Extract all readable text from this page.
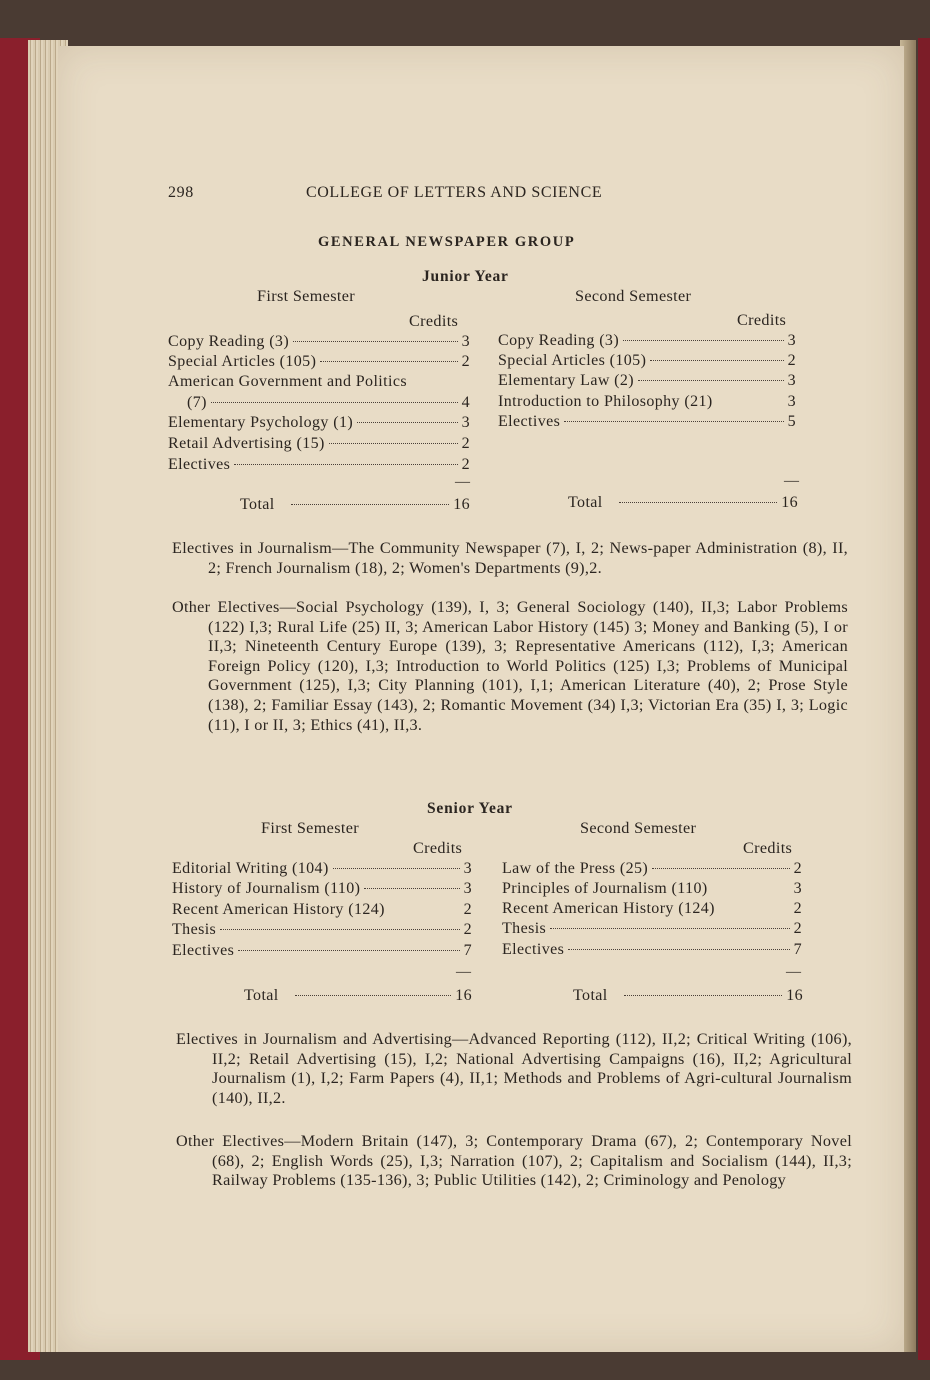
298	COLLEGE OF LETTERS AND SCIENCE
GENERAL NEWSPAPER GROUP
Junior Year
First Semester	Second Semester
Credits	Credits
Copy Reading (3)	3
Special Articles (105)	2
American Government and Politics
(7)	4
Elementary Psychology (1)	3
Retail Advertising (15)	2
Electives	2
—
Total	16
Copy Reading (3)	3
Special Articles (105)	2
Elementary Law (2)	3
Introduction to Philosophy (21)	3
Electives	5
—
Total	16
Electives in Journalism—The Community Newspaper (7), I, 2; News-paper Administration (8), II, 2; French Journalism (18), 2; Women's Departments (9),2.
Other Electives—Social Psychology (139), I, 3; General Sociology (140), II,3; Labor Problems (122) I,3; Rural Life (25) II, 3; American Labor History (145) 3; Money and Banking (5), I or II,3; Nineteenth Century Europe (139), 3; Representative Americans (112), I,3; American Foreign Policy (120), I,3; Introduction to World Politics (125) I,3; Problems of Municipal Government (125), I,3; City Planning (101), I,1; American Literature (40), 2; Prose Style (138), 2; Familiar Essay (143), 2; Romantic Movement (34) I,3; Victorian Era (35) I, 3; Logic (11), I or II, 3; Ethics (41), II,3.
Senior Year
First Semester	Second Semester
Credits	Credits
Editorial Writing (104)	3
History of Journalism (110)	3
Recent American History (124)	2
Thesis	2
Electives	7
—
Total	16
Law of the Press (25)	2
Principles of Journalism (110)	3
Recent American History (124)	2
Thesis	2
Electives	7
—
Total	16
Electives in Journalism and Advertising—Advanced Reporting (112), II,2; Critical Writing (106), II,2; Retail Advertising (15), I,2; National Advertising Campaigns (16), II,2; Agricultural Journalism (1), I,2; Farm Papers (4), II,1; Methods and Problems of Agri-cultural Journalism (140), II,2.
Other Electives—Modern Britain (147), 3; Contemporary Drama (67), 2; Contemporary Novel (68), 2; English Words (25), I,3; Narration (107), 2; Capitalism and Socialism (144), II,3; Railway Problems (135-136), 3; Public Utilities (142), 2; Criminology and Penology
